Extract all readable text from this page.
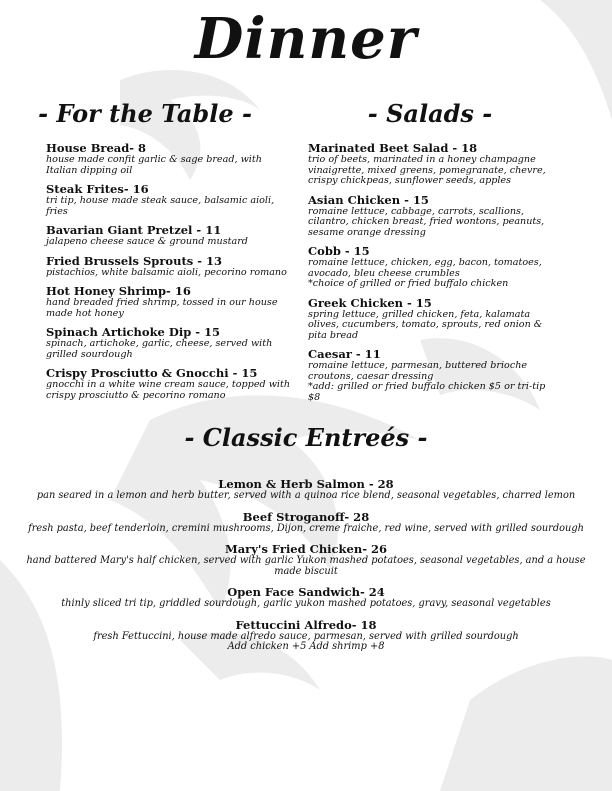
Dinner
- For the Table -	- Salads -
House Bread- 8
house made confit garlic & sage bread, with Italian dipping oil
Steak Frites- 16
tri tip, house made steak sauce, balsamic aioli, fries
Bavarian Giant Pretzel - 11
jalapeno cheese sauce & ground mustard
Fried Brussels Sprouts - 13
pistachios, white balsamic aioli, pecorino romano
Hot Honey Shrimp- 16
hand breaded fried shrimp, tossed in our house made hot honey
Spinach Artichoke Dip - 15
spinach, artichoke, garlic, cheese, served with grilled sourdough
Crispy Prosciutto & Gnocchi - 15
gnocchi in a white wine cream sauce, topped with crispy prosciutto & pecorino romano
Marinated Beet Salad - 18
trio of beets, marinated in a honey champagne vinaigrette, mixed greens, pomegranate, chevre, crispy chickpeas, sunflower seeds, apples
Asian Chicken - 15
romaine lettuce, cabbage, carrots, scallions, cilantro, chicken breast, fried wontons, peanuts, sesame orange dressing
Cobb - 15
romaine lettuce, chicken, egg, bacon, tomatoes, avocado, bleu cheese crumbles
*choice of grilled or fried buffalo chicken
Greek Chicken - 15
spring lettuce, grilled chicken, feta, kalamata olives, cucumbers, tomato, sprouts, red onion & pita bread
Caesar - 11
romaine lettuce, parmesan, buttered brioche croutons, caesar dressing
*add: grilled or fried buffalo chicken $5 or tri-tip $8
- Classic Entreés -
Lemon & Herb Salmon - 28
pan seared in a lemon and herb butter, served with a quinoa rice blend, seasonal vegetables, charred lemon
Beef Stroganoff- 28
fresh pasta, beef tenderloin, cremini mushrooms, Dijon, creme fraiche, red wine, served with grilled sourdough
Mary's Fried Chicken- 26
hand battered Mary's half chicken, served with garlic Yukon mashed potatoes, seasonal vegetables, and a house made biscuit
Open Face Sandwich- 24
thinly sliced tri tip, griddled sourdough, garlic yukon mashed potatoes, gravy, seasonal vegetables
Fettuccini Alfredo- 18
fresh Fettuccini, house made alfredo sauce, parmesan, served with grilled sourdough
Add chicken +5 Add shrimp +8
